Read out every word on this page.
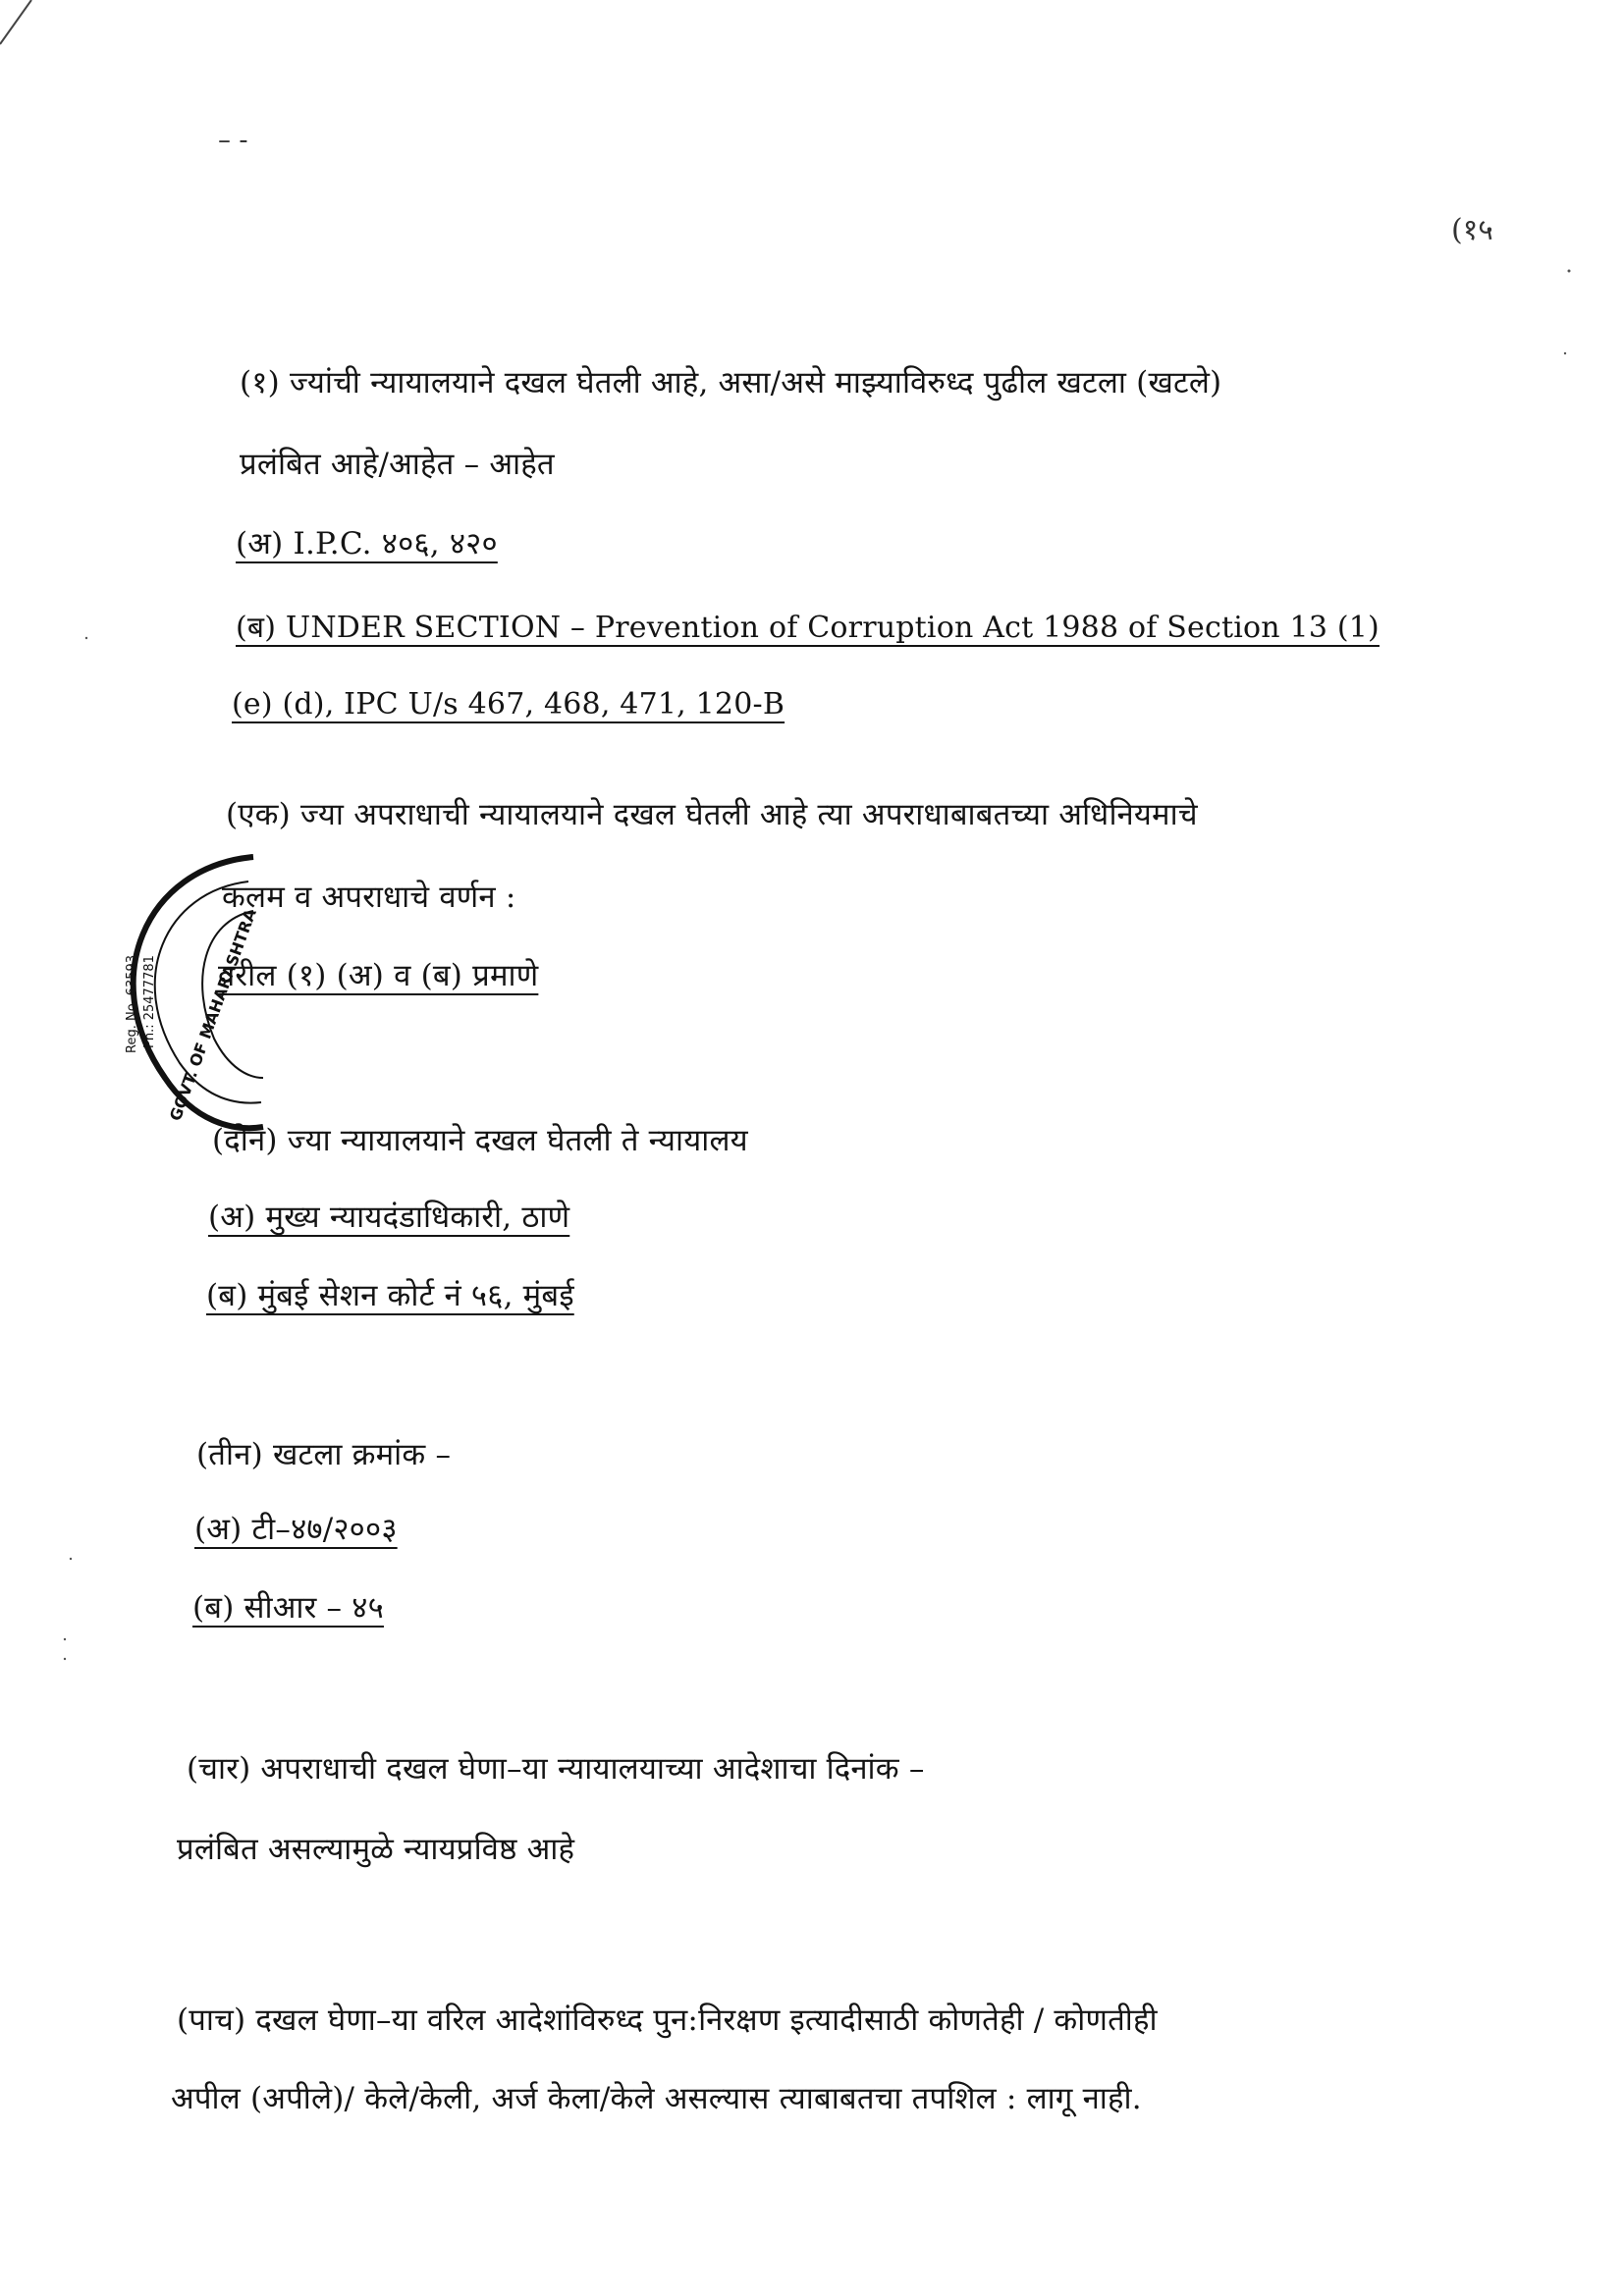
– -
(१५
(१) ज्यांची न्यायालयाने दखल घेतली आहे, असा/असे माझ्याविरुध्द पुढील खटला (खटले)
प्रलंबित आहे/आहेत – आहेत
(अ) I.P.C. ४०६, ४२०
(ब) UNDER SECTION – Prevention of Corruption Act 1988 of Section 13 (1)
(e) (d), IPC U/s 467, 468, 471, 120-B
(एक) ज्या अपराधाची न्यायालयाने दखल घेतली आहे त्या अपराधाबाबतच्या अधिनियमाचे
कलम व अपराधाचे वर्णन :
वरील (१) (अ) व (ब) प्रमाणे
(दोन) ज्या न्यायालयाने दखल घेतली ते न्यायालय
(अ) मुख्य न्यायदंडाधिकारी, ठाणे
(ब) मुंबई सेशन कोर्ट नं ५६, मुंबई
(तीन) खटला क्रमांक –
(अ) टी–४७/२००३
(ब) सीआर – ४५
(चार) अपराधाची दखल घेणा–या न्यायालयाच्या आदेशाचा दिनांक –
प्रलंबित असल्यामुळे न्यायप्रविष्ठ आहे
(पाच) दखल घेणा–या वरिल आदेशांविरुध्द पुन:निरक्षण इत्यादीसाठी कोणतेही / कोणतीही
अपील (अपीले)/ केले/केली, अर्ज केला/केले असल्यास त्याबाबतचा तपशिल : लागू नाही.
Reg. No. 63593 Ph.: 25477781 GOVT. OF MAHARASHTRA
